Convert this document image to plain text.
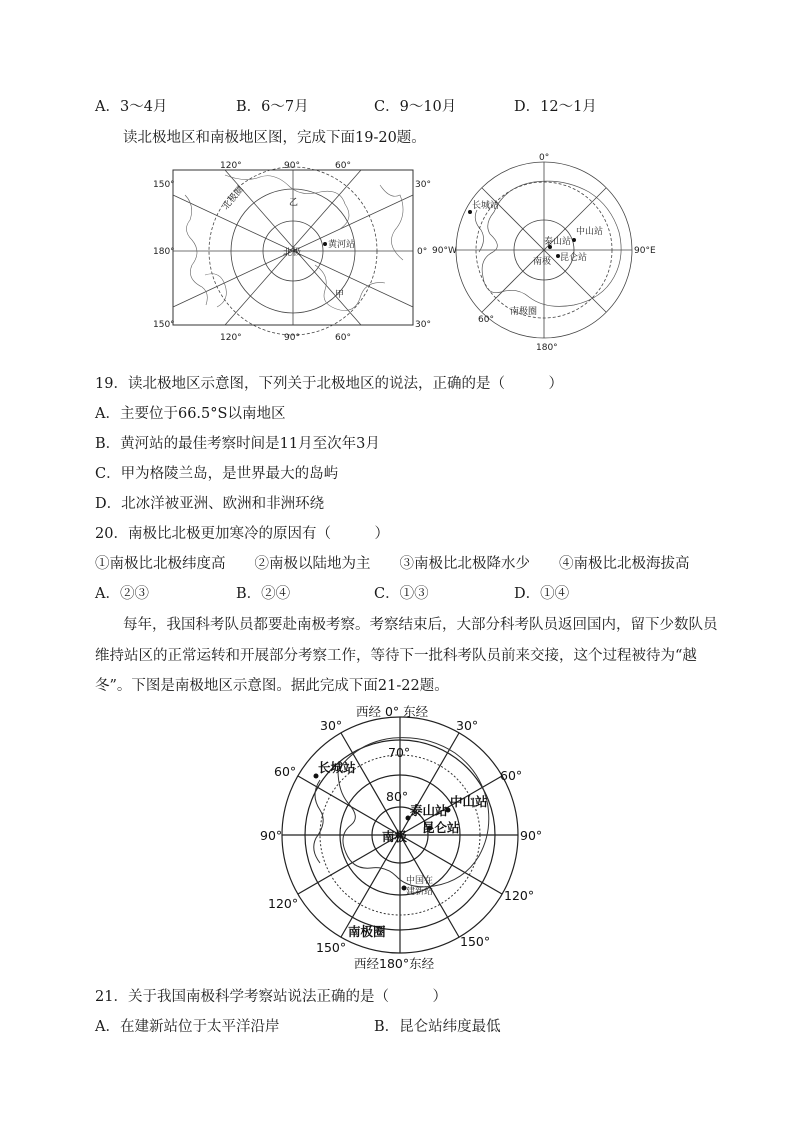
A．3～4月	B．6～7月	C．9～10月	D．12～1月
读北极地区和南极地区图，完成下面19-20题。
120°	90°	60°
120°	90°	60°
150°
180°
150°
30°
0°
30°
北极圈	乙
甲
北极
黄河站
0°
180°
90°W	90°E
60°
南极圈
南极
长城站
中山站
泰山站
昆仑站
19．读北极地区示意图，下列关于北极地区的说法，正确的是（　　　）
A．主要位于66.5°S以南地区
B．黄河站的最佳考察时间是11月至次年3月
C．甲为格陵兰岛，是世界最大的岛屿
D．北冰洋被亚洲、欧洲和非洲环绕
20．南极比北极更加寒冷的原因有（　　　）
①南极比北极纬度高　　②南极以陆地为主　　③南极比北极降水少　　④南极比北极海拔高
A．②③	B．②④	C．①③	D．①④
每年，我国科考队员都要赴南极考察。考察结束后，大部分科考队员返回国内，留下少数队员
维持站区的正常运转和开展部分考察工作，等待下一批科考队员前来交接，这个过程被待为“越
冬”。下图是南极地区示意图。据此完成下面21-22题。
西经 0° 东经
西经180°东经
90°	90°
30°	30°
60°	60°
120°
120°
150°	150°
70°
80°
南极
南极圈
长城站
中山站
泰山站
昆仑站
中国在
建新站
21．关于我国南极科学考察站说法正确的是（　　　）
A．在建新站位于太平洋沿岸	B．昆仑站纬度最低
